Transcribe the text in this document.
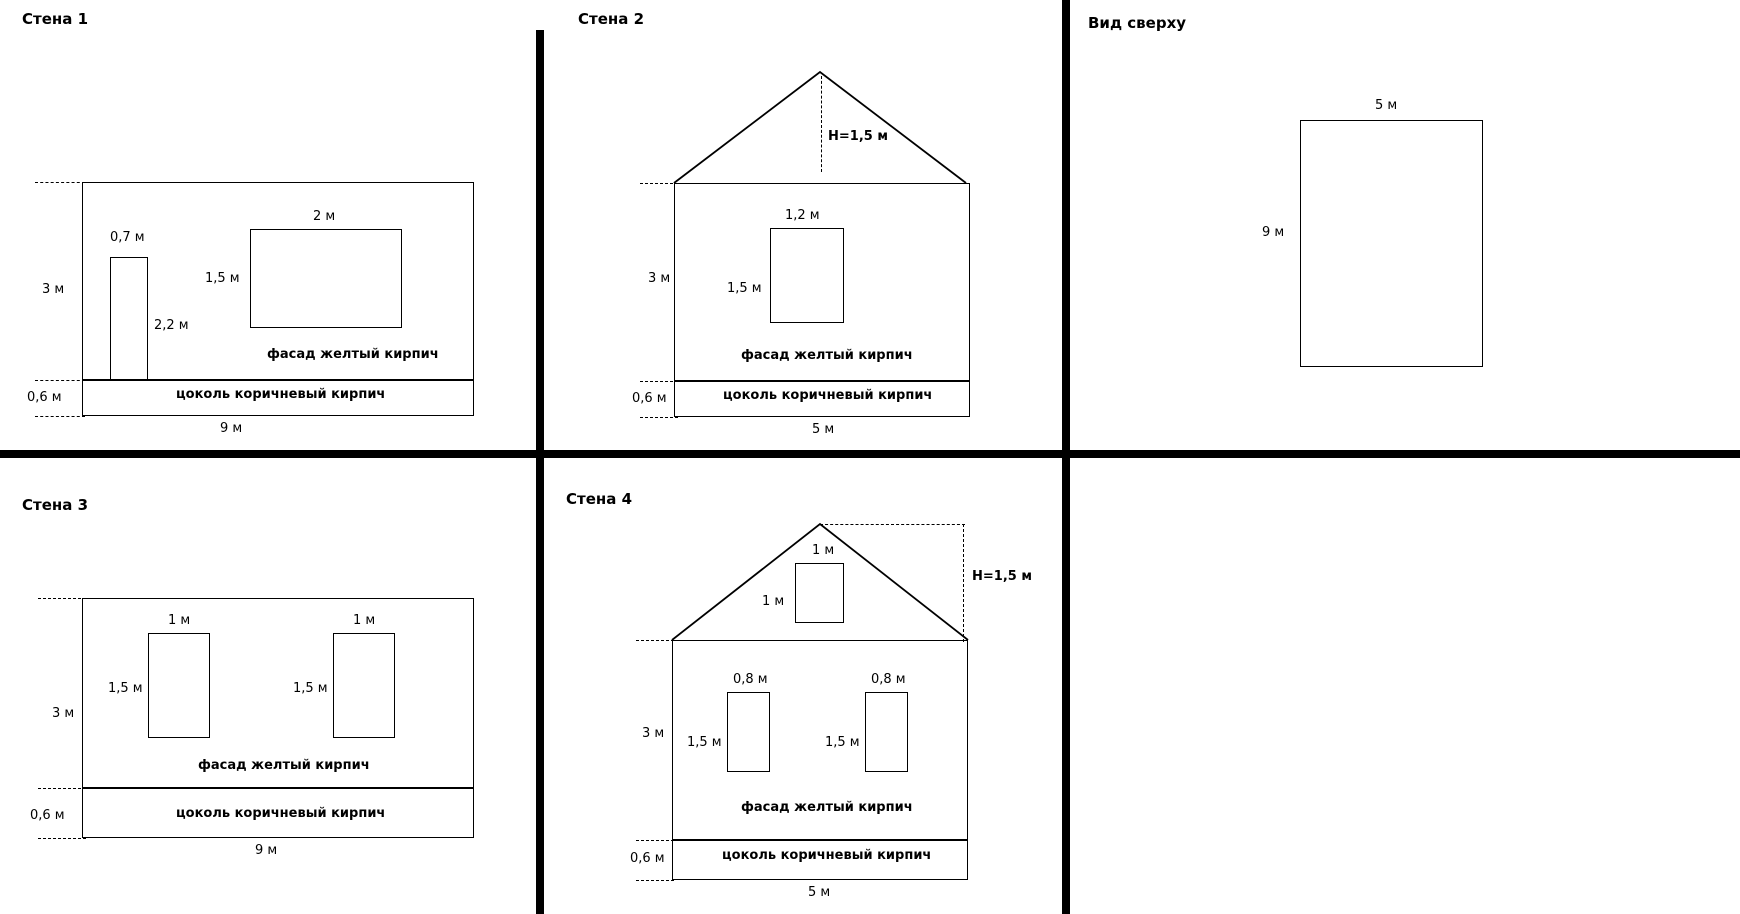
Стена 1	Стена 2	Вид сверху
Стена 3	Стена 4
3 м
0,6 м
9 м
0,7 м
2,2 м
2 м
1,5 м
фасад желтый кирпич
цоколь коричневый кирпич
H=1,5 м
3 м
0,6 м
5 м
1,2 м
1,5 м
фасад желтый кирпич
цоколь коричневый кирпич
5 м
9 м
3 м
0,6 м
9 м
1 м
1,5 м
1 м
1,5 м
фасад желтый кирпич
цоколь коричневый кирпич
H=1,5 м
1 м
1 м
3 м
0,6 м
5 м
0,8 м
1,5 м
0,8 м
1,5 м
фасад желтый кирпич
цоколь коричневый кирпич
